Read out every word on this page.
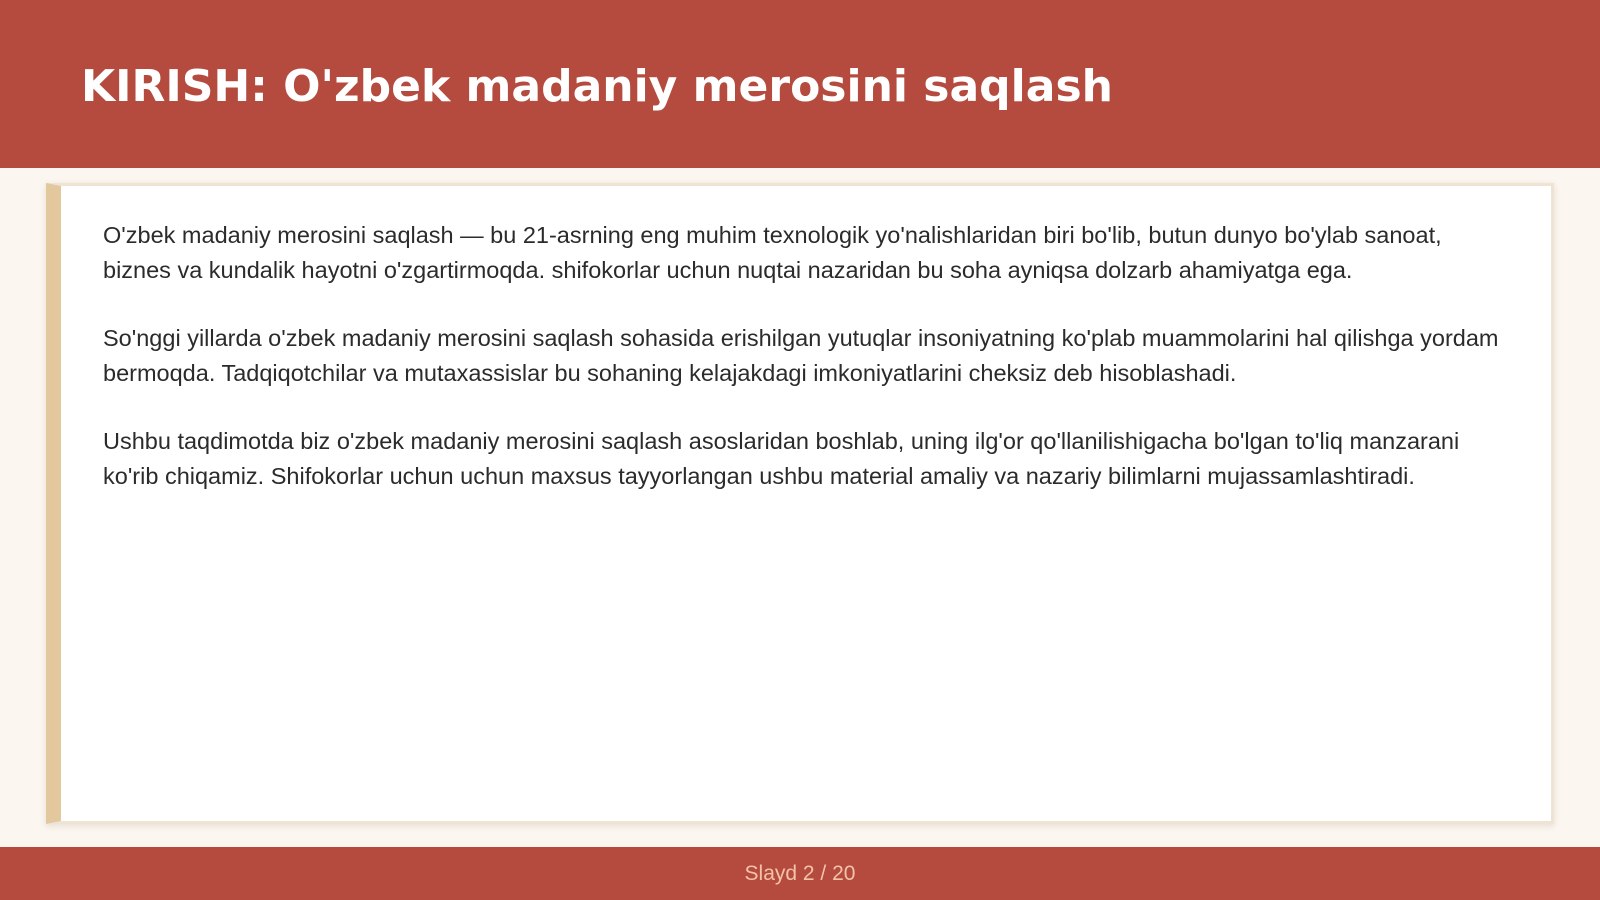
KIRISH: O'zbek madaniy merosini saqlash

O'zbek madaniy merosini saqlash — bu 21-asrning eng muhim texnologik yo'nalishlaridan biri bo'lib, butun dunyo bo'ylab sanoat, biznes va kundalik hayotni o'zgartirmoqda. shifokorlar uchun nuqtai nazaridan bu soha ayniqsa dolzarb ahamiyatga ega.

So'nggi yillarda o'zbek madaniy merosini saqlash sohasida erishilgan yutuqlar insoniyatning ko'plab muammolarini hal qilishga yordam bermoqda. Tadqiqotchilar va mutaxassislar bu sohaning kelajakdagi imkoniyatlarini cheksiz deb hisoblashadi.

Ushbu taqdimotda biz o'zbek madaniy merosini saqlash asoslaridan boshlab, uning ilg'or qo'llanilishigacha bo'lgan to'liq manzarani ko'rib chiqamiz. Shifokorlar uchun uchun maxsus tayyorlangan ushbu material amaliy va nazariy bilimlarni mujassamlashtiradi.

Slayd 2 / 20
